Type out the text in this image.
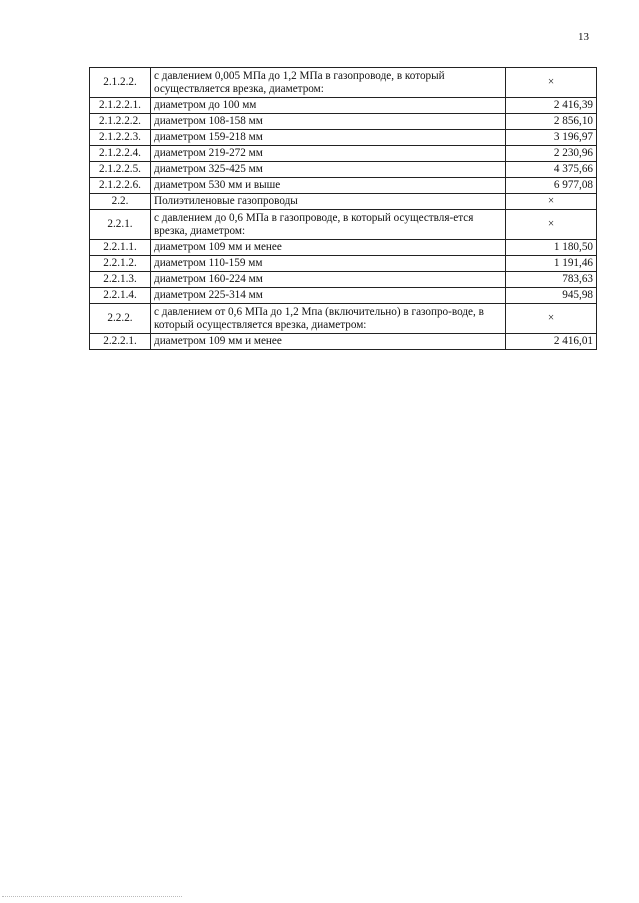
13
2.1.2.2.	с давлением 0,005 МПа до 1,2 МПа в газопроводе, в который осуществляется врезка, диаметром:	×
2.1.2.2.1.	диаметром до 100 мм	2 416,39
2.1.2.2.2.	диаметром 108-158 мм	2 856,10
2.1.2.2.3.	диаметром 159-218 мм	3 196,97
2.1.2.2.4.	диаметром 219-272 мм	2 230,96
2.1.2.2.5.	диаметром 325-425 мм	4 375,66
2.1.2.2.6.	диаметром 530 мм и выше	6 977,08
2.2.	Полиэтиленовые газопроводы	×
2.2.1.	с давлением до 0,6 МПа в газопроводе, в который осуществля-ется врезка, диаметром:	×
2.2.1.1.	диаметром 109 мм и менее	1 180,50
2.2.1.2.	диаметром 110-159 мм	1 191,46
2.2.1.3.	диаметром 160-224 мм	783,63
2.2.1.4.	диаметром 225-314 мм	945,98
2.2.2.	с давлением от 0,6 МПа до 1,2 Мпа (включительно) в газопро-воде, в который осуществляется врезка, диаметром:	×
2.2.2.1.	диаметром 109 мм и менее	2 416,01
